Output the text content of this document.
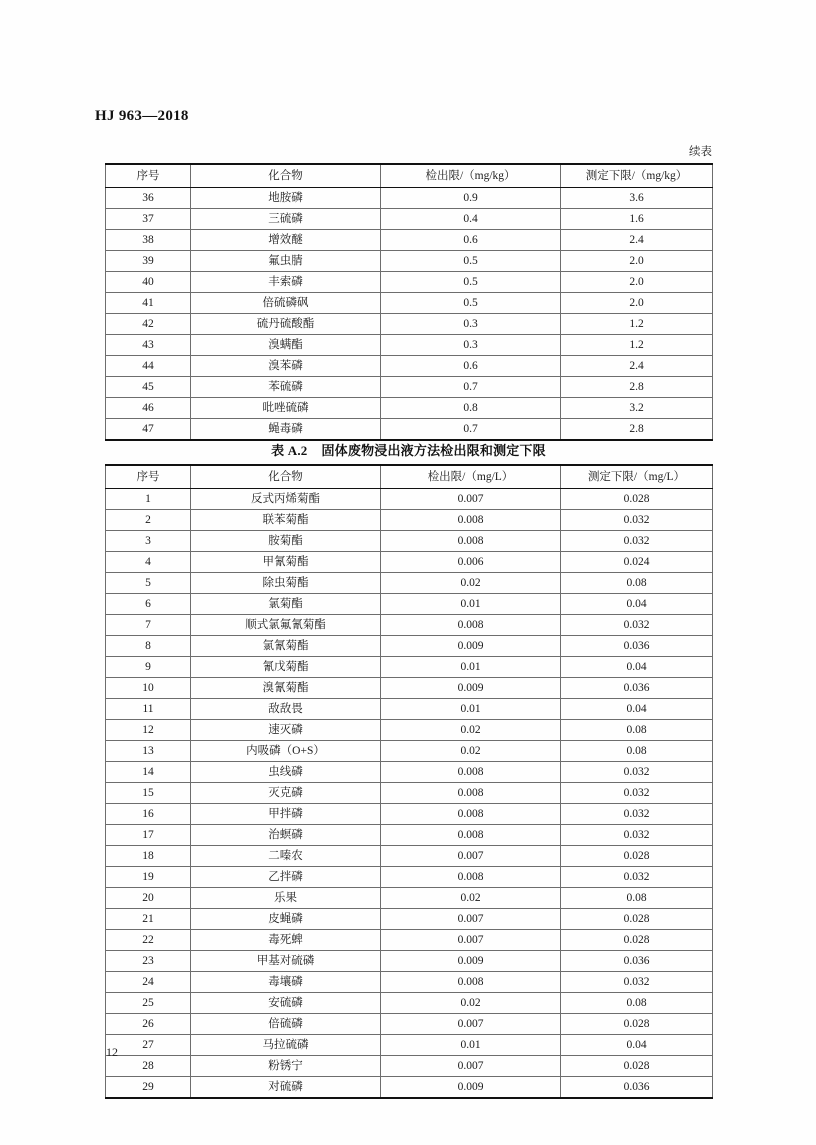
HJ 963—2018
续表
序号	化合物	检出限/（mg/kg）	测定下限/（mg/kg）
36	地胺磷	0.9	3.6
37	三硫磷	0.4	1.6
38	增效醚	0.6	2.4
39	氟虫腈	0.5	2.0
40	丰索磷	0.5	2.0
41	倍硫磷砜	0.5	2.0
42	硫丹硫酸酯	0.3	1.2
43	溴螨酯	0.3	1.2
44	溴苯磷	0.6	2.4
45	苯硫磷	0.7	2.8
46	吡唑硫磷	0.8	3.2
47	蝇毒磷	0.7	2.8
表 A.2 固体废物浸出液方法检出限和测定下限
序号	化合物	检出限/（mg/L）	测定下限/（mg/L）
1	反式丙烯菊酯	0.007	0.028
2	联苯菊酯	0.008	0.032
3	胺菊酯	0.008	0.032
4	甲氰菊酯	0.006	0.024
5	除虫菊酯	0.02	0.08
6	氯菊酯	0.01	0.04
7	顺式氯氟氰菊酯	0.008	0.032
8	氯氰菊酯	0.009	0.036
9	氰戊菊酯	0.01	0.04
10	溴氰菊酯	0.009	0.036
11	敌敌畏	0.01	0.04
12	速灭磷	0.02	0.08
13	内吸磷（O+S）	0.02	0.08
14	虫线磷	0.008	0.032
15	灭克磷	0.008	0.032
16	甲拌磷	0.008	0.032
17	治螟磷	0.008	0.032
18	二嗪农	0.007	0.028
19	乙拌磷	0.008	0.032
20	乐果	0.02	0.08
21	皮蝇磷	0.007	0.028
22	毒死蜱	0.007	0.028
23	甲基对硫磷	0.009	0.036
24	毒壤磷	0.008	0.032
25	安硫磷	0.02	0.08
26	倍硫磷	0.007	0.028
27	马拉硫磷	0.01	0.04
28	粉锈宁	0.007	0.028
29	对硫磷	0.009	0.036
12
